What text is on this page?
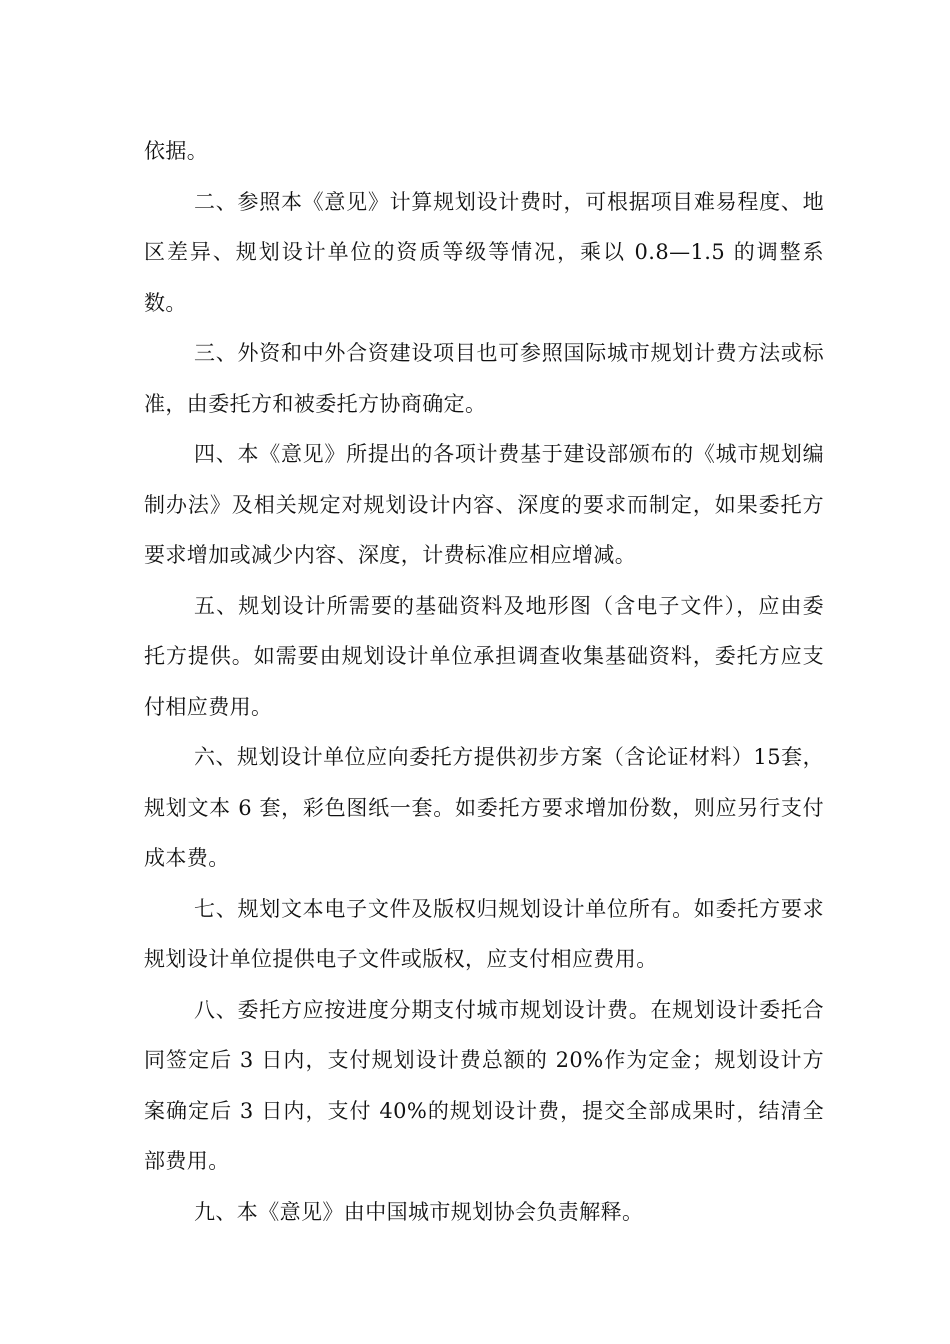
依据。

二、参照本《意见》计算规划设计费时，可根据项目难易程度、地区差异、规划设计单位的资质等级等情况，乘以 0.8—1.5 的调整系数。

三、外资和中外合资建设项目也可参照国际城市规划计费方法或标准，由委托方和被委托方协商确定。

四、本《意见》所提出的各项计费基于建设部颁布的《城市规划编制办法》及相关规定对规划设计内容、深度的要求而制定，如果委托方要求增加或减少内容、深度，计费标准应相应增减。

五、规划设计所需要的基础资料及地形图（含电子文件），应由委托方提供。如需要由规划设计单位承担调查收集基础资料，委托方应支付相应费用。

六、规划设计单位应向委托方提供初步方案（含论证材料）15套，规划文本 6 套，彩色图纸一套。如委托方要求增加份数，则应另行支付成本费。

七、规划文本电子文件及版权归规划设计单位所有。如委托方要求规划设计单位提供电子文件或版权，应支付相应费用。

八、委托方应按进度分期支付城市规划设计费。在规划设计委托合同签定后 3 日内，支付规划设计费总额的 20%作为定金；规划设计方案确定后 3 日内，支付 40%的规划设计费，提交全部成果时，结清全部费用。

九、本《意见》由中国城市规划协会负责解释。
